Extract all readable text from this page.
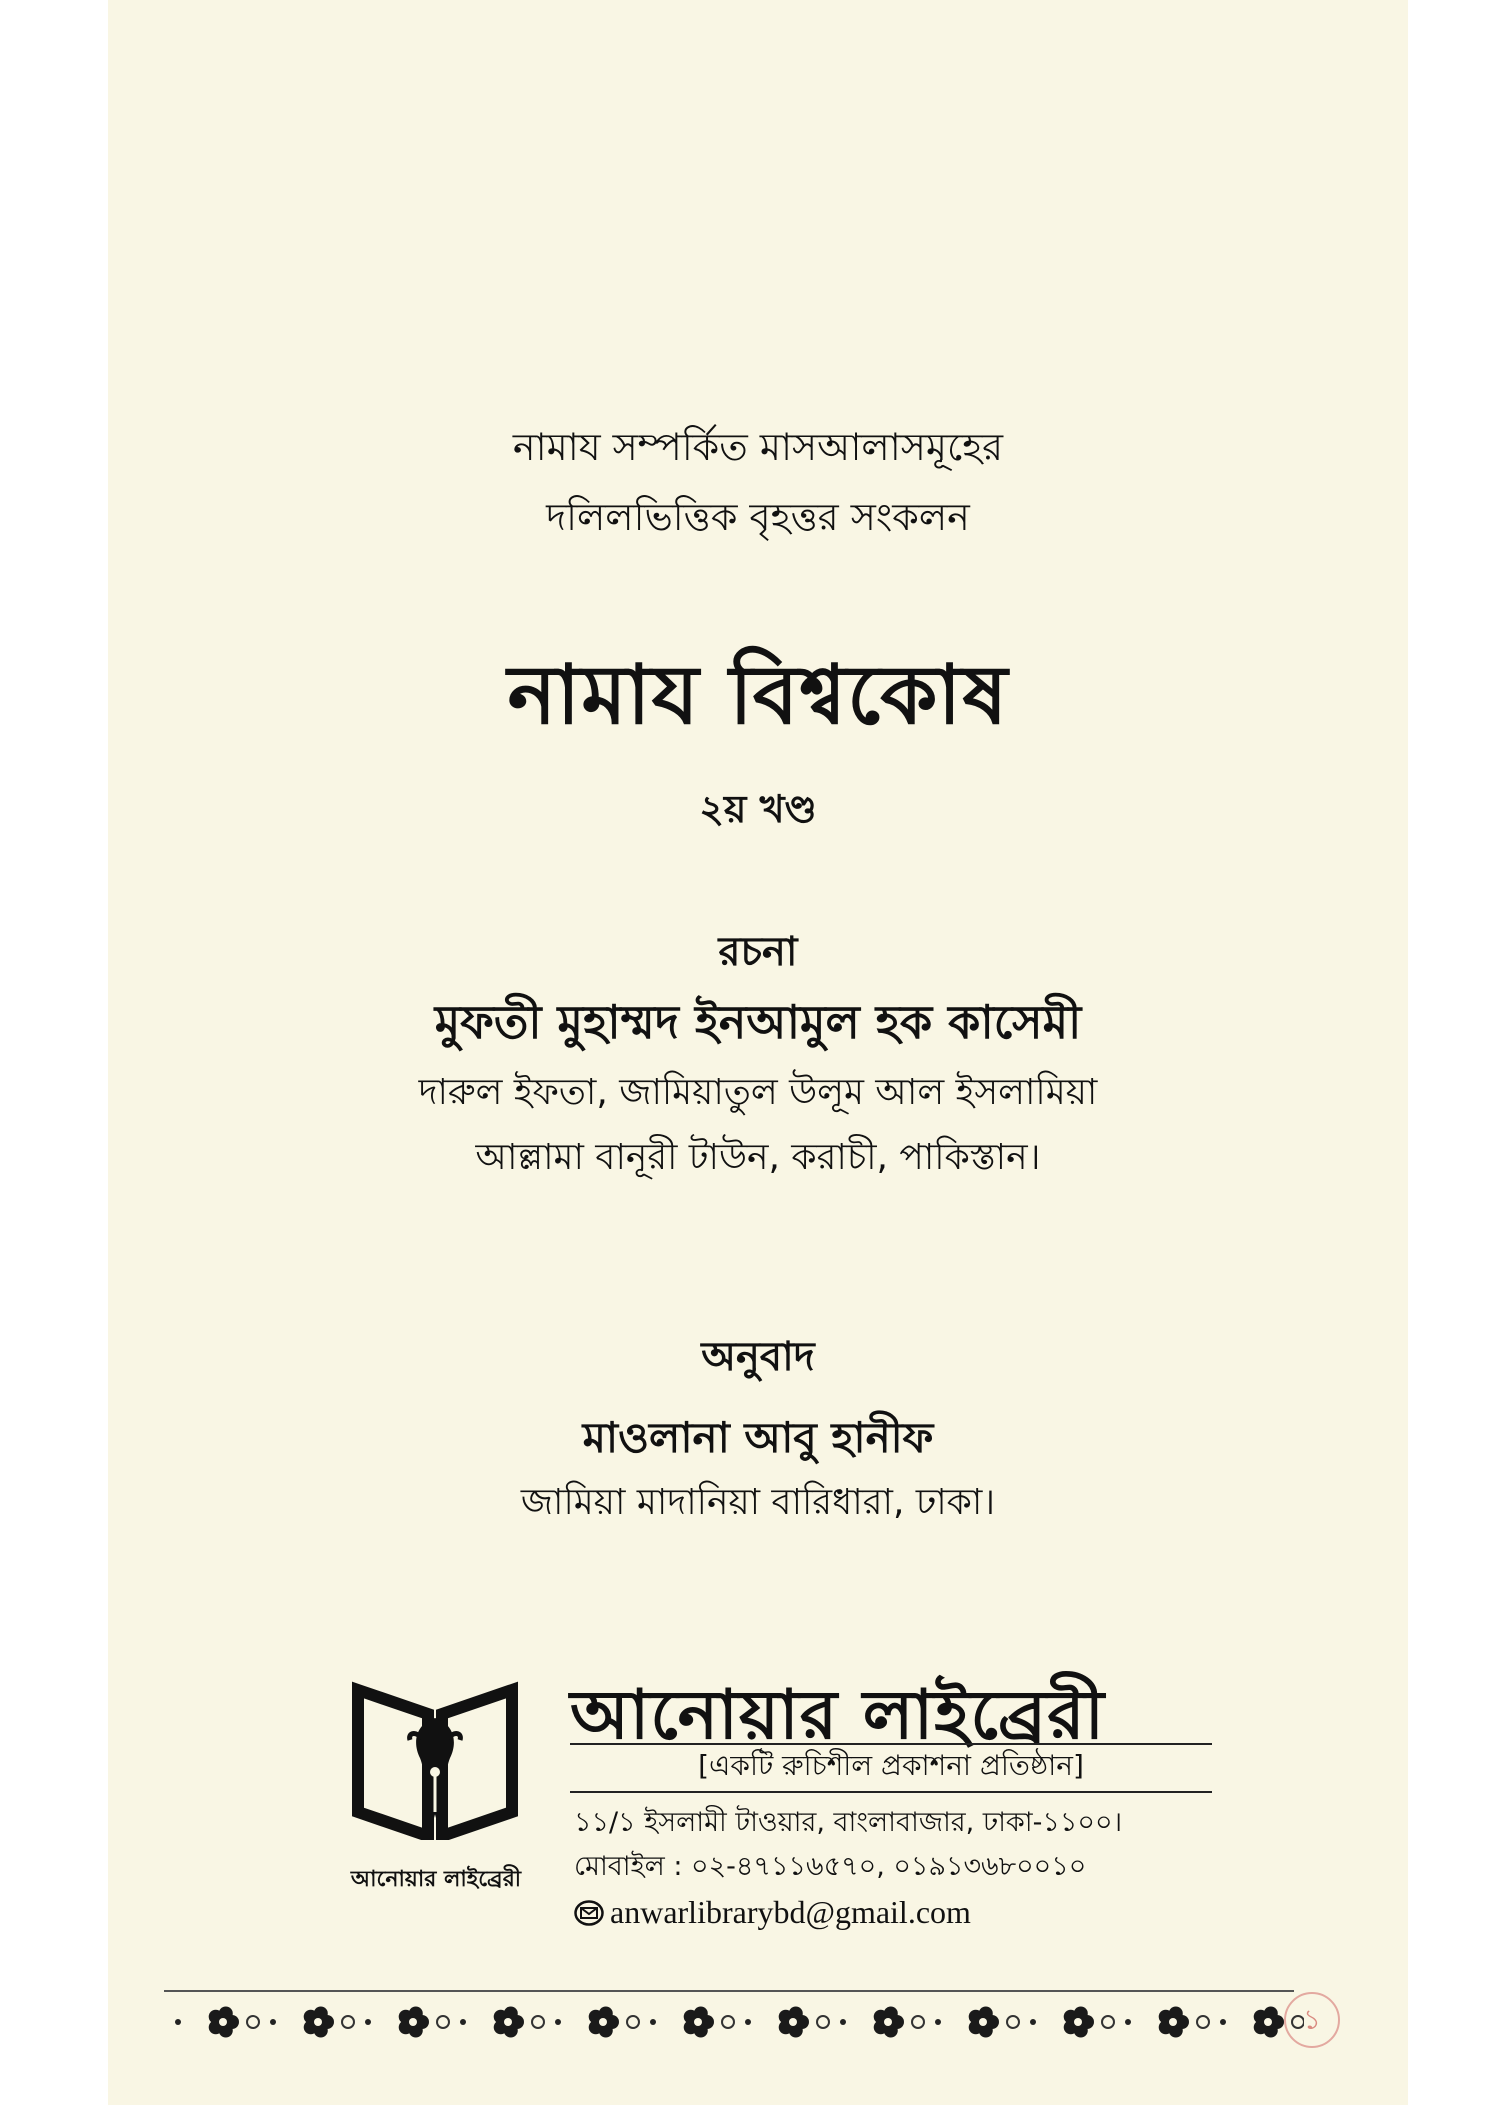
নামায সম্পর্কিত মাসআলাসমূহের
দলিলভিত্তিক বৃহত্তর সংকলন
নামায বিশ্বকোষ
২য় খণ্ড
রচনা
মুফতী মুহাম্মদ ইনআমুল হক কাসেমী
দারুল ইফতা, জামিয়াতুল উলূম আল ইসলামিয়া
আল্লামা বানূরী টাউন, করাচী, পাকিস্তান।
অনুবাদ
মাওলানা আবু হানীফ
জামিয়া মাদানিয়া বারিধারা, ঢাকা।
আনোয়ার লাইব্রেরী
আনোয়ার লাইব্রেরী
[একটি রুচিশীল প্রকাশনা প্রতিষ্ঠান]
১১/১ ইসলামী টাওয়ার, বাংলাবাজার, ঢাকা-১১০০।
মোবাইল : ০২-৪৭১১৬৫৭০, ০১৯১৩৬৮০০১০
anwarlibrarybd@gmail.com
১
